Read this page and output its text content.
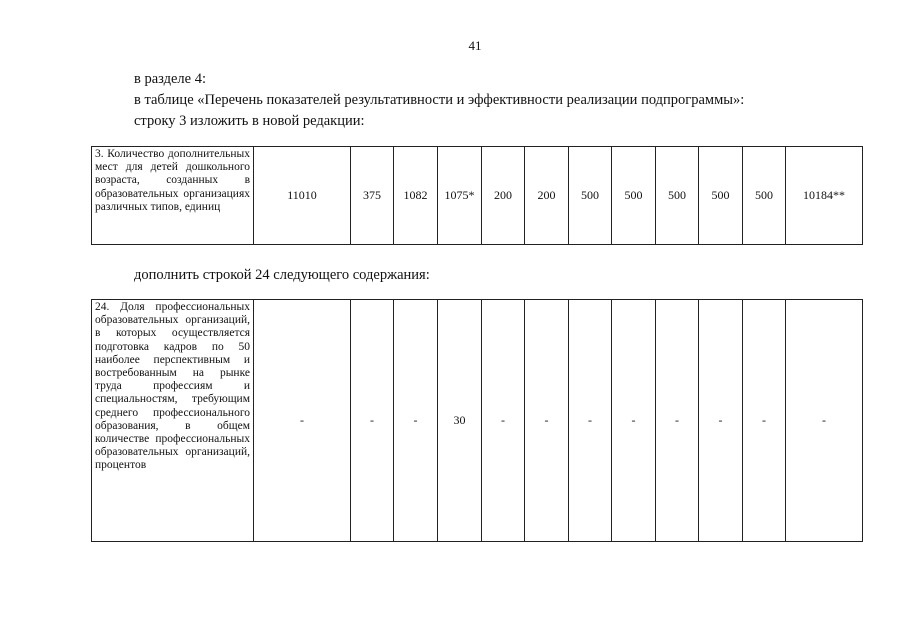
41
в разделе 4:
в таблице «Перечень показателей результативности и эффективности реализации подпрограммы»:
строку 3 изложить в новой редакции:
3. Количество дополнительных мест для детей дошкольного возраста, созданных в образовательных организациях различных типов, единиц	11010	375	1082	1075*	200	200	500	500	500	500	500	10184**
дополнить строкой 24 следующего содержания:
24. Доля профессиональных образовательных организаций, в которых осуществляется подготовка кадров по 50 наиболее перспективным и востребованным на рынке труда профессиям и специальностям, требующим среднего профессионального образования, в общем количестве профессиональных образовательных организаций, процентов	-	-	-	30	-	-	-	-	-	-	-	-
